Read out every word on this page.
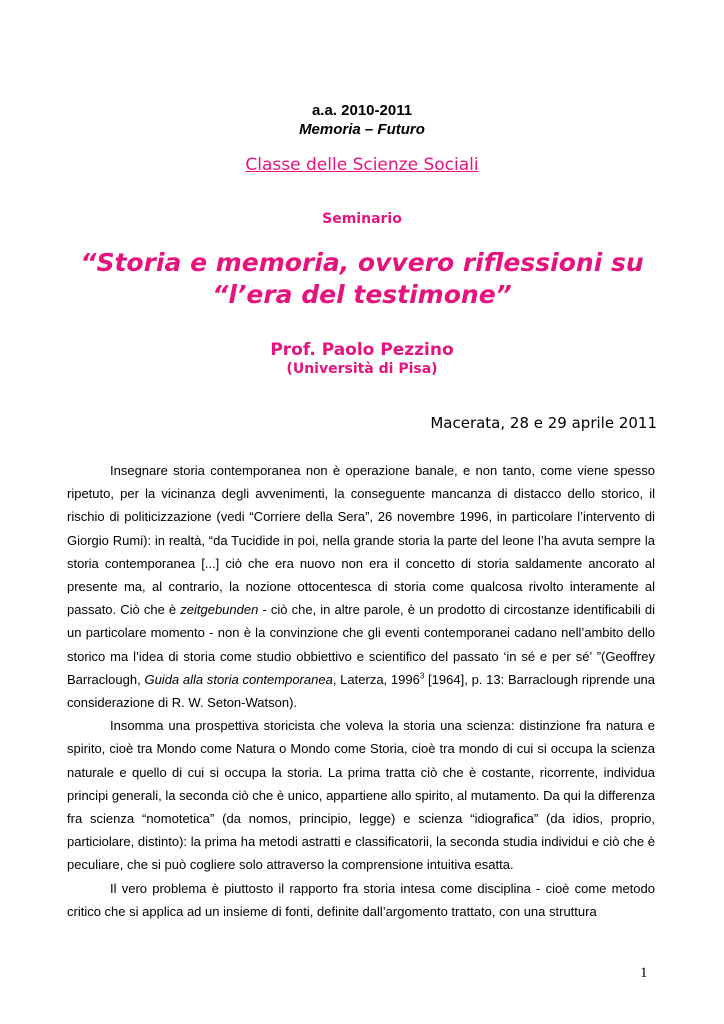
a.a. 2010-2011
Memoria – Futuro
Classe delle Scienze Sociali
Seminario
“Storia e memoria, ovvero riflessioni su “l’era del testimone”
Prof. Paolo Pezzino
(Università di Pisa)
Macerata, 28 e 29 aprile 2011

Insegnare storia contemporanea non è operazione banale, e non tanto, come viene spesso ripetuto, per la vicinanza degli avvenimenti, la conseguente mancanza di distacco dello storico, il rischio di politicizzazione (vedi “Corriere della Sera”, 26 novembre 1996, in particolare l’intervento di Giorgio Rumi): in realtà, “da Tucidide in poi, nella grande storia la parte del leone l’ha avuta sempre la storia contemporanea [...] ciò che era nuovo non era il concetto di storia saldamente ancorato al presente ma, al contrario, la nozione ottocentesca di storia come qualcosa rivolto interamente al passato. Ciò che è zeitgebunden - ciò che, in altre parole, è un prodotto di circostanze identificabili di un particolare momento - non è la convinzione che gli eventi contemporanei cadano nell’ambito dello storico ma l’idea di storia come studio obbiettivo e scientifico del passato ‘in sé e per sé’ ”(Geoffrey Barraclough, Guida alla storia contemporanea, Laterza, 1996$^3$ [1964], p. 13: Barraclough riprende una considerazione di R. W. Seton-Watson).

Insomma una prospettiva storicista che voleva la storia una scienza: distinzione fra natura e spirito, cioè tra Mondo come Natura o Mondo come Storia, cioè tra mondo di cui si occupa la scienza naturale e quello di cui si occupa la storia. La prima tratta ciò che è costante, ricorrente, individua principi generali, la seconda ciò che è unico, appartiene allo spirito, al mutamento. Da qui la differenza fra scienza “nomotetica” (da nomos, principio, legge) e scienza “idiografica” (da idios, proprio, particiolare, distinto): la prima ha metodi astratti e classificatorii, la seconda studia individui e ciò che è peculiare, che si può cogliere solo attraverso la comprensione intuitiva esatta.

Il vero problema è piuttosto il rapporto fra storia intesa come disciplina - cioè come metodo critico che si applica ad un insieme di fonti, definite dall’argomento trattato, con una struttura

1
